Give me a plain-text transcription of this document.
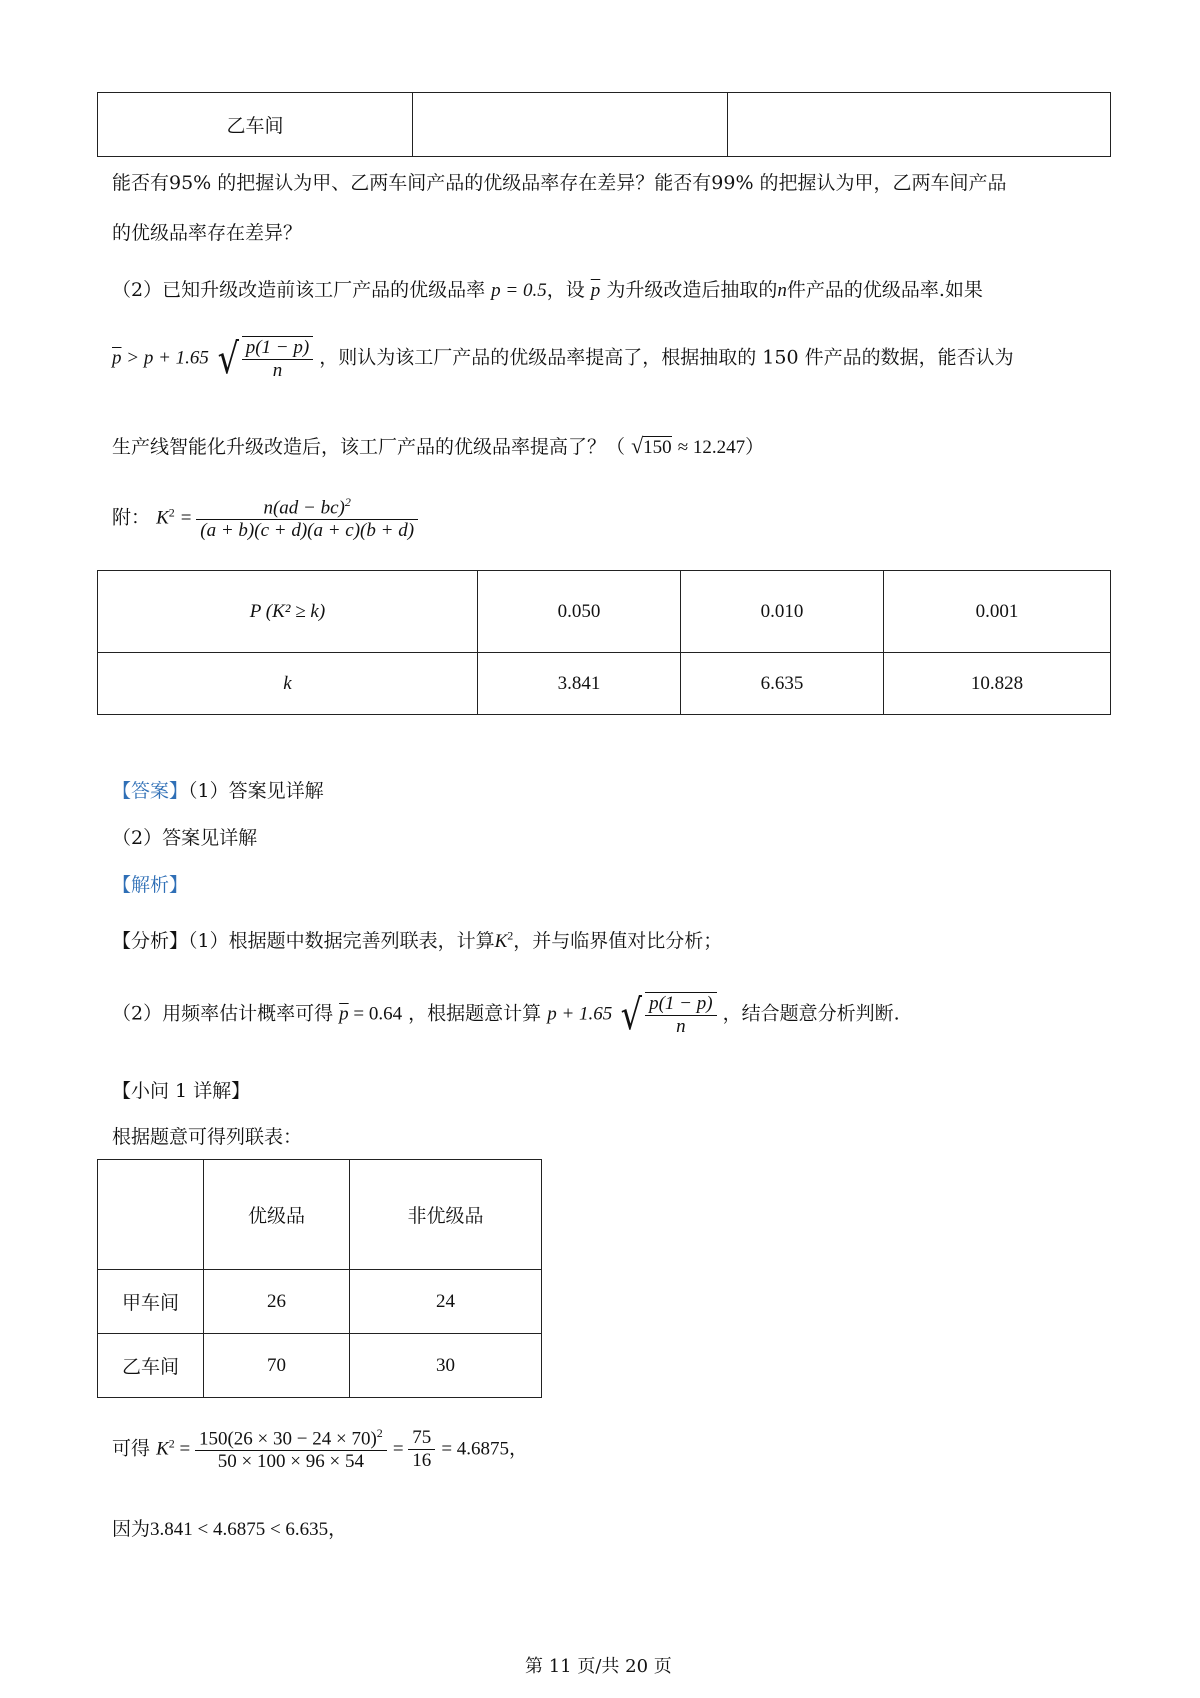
乙车间		
能否有95% 的把握认为甲、乙两车间产品的优级品率存在差异？能否有99% 的把握认为甲，乙两车间产品
的优级品率存在差异？
（2）已知升级改造前该工厂产品的优级品率 p = 0.5，设 $\overline{p}$ 为升级改造后抽取的n件产品的优级品率.如果
$\overline{p} > p + 1.65$ √ $\frac{p(1 - p)}{n}$ ，则认为该工厂产品的优级品率提高了，根据抽取的 150 件产品的数据，能否认为
生产线智能化升级改造后，该工厂产品的优级品率提高了？（ √150 ≈ 12.247）
附： $K^2 = \frac{n(ad - bc)^2}{(a + b)(c + d)(a + c)(b + d)}$
P (K² ≥ k)	0.050	0.010	0.001
k	3.841	6.635	10.828
【答案】（1）答案见详解
（2）答案见详解
【解析】
【分析】（1）根据题中数据完善列联表，计算$K^2$，并与临界值对比分析；
（2）用频率估计概率可得 $\overline{p} = 0.64$ ，根据题意计算 p + 1.65 √ $\frac{p(1 - p)}{n}$ ，结合题意分析判断.
【小问 1 详解】
根据题意可得列联表：
	优级品	非优级品
甲车间	26	24
乙车间	70	30
可得 $K^2 = \frac{150(26 \times 30 - 24 \times 70)^2}{50 \times 100 \times 96 \times 54} = \frac{75}{16} = 4.6875$，
因为3.841 < 4.6875 < 6.635，
第 11 页/共 20 页
